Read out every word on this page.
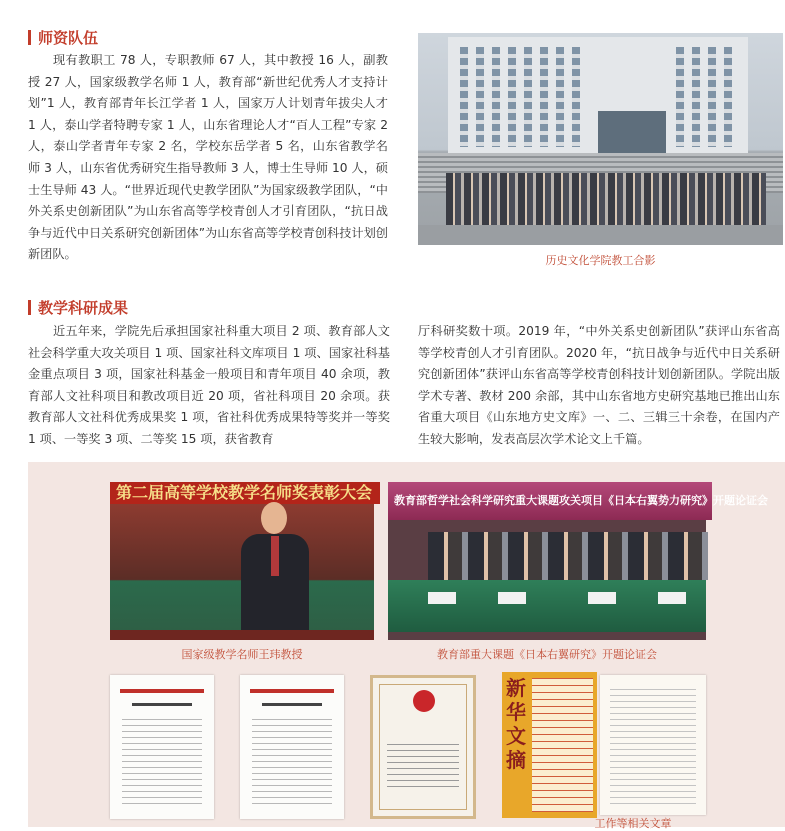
师资队伍

现有教职工 78 人，专职教师 67 人，其中教授 16 人，副教授 27 人，国家级教学名师 1 人，教育部“新世纪优秀人才支持计划”1 人，教育部青年长江学者 1 人，国家万人计划青年拔尖人才 1 人，泰山学者特聘专家 1 人，山东省理论人才“百人工程”专家 2 人，泰山学者青年专家 2 名，学校东岳学者 5 名，山东省教学名师 3 人，山东省优秀研究生指导教师 3 人，博士生导师 10 人，硕士生导师 43 人。“世界近现代史教学团队”为国家级教学团队，“中外关系史创新团队”为山东省高等学校青创人才引育团队，“抗日战争与近代中日关系研究创新团体”为山东省高等学校青创科技计划创新团队。	历史文化学院教工合影
教学科研成果

近五年来，学院先后承担国家社科重大项目 2 项、教育部人文社会科学重大攻关项目 1 项、国家社科文库项目 1 项、国家社科基金重点项目 3 项，国家社科基金一般项目和青年项目 40 余项，教育部人文社科项目和教改项目近 20 项，省社科项目 20 余项。获教育部人文社科优秀成果奖 1 项，省社科优秀成果特等奖并一等奖 1 项、一等奖 3 项、二等奖 15 项，获省教育

厅科研奖数十项。2019 年，“中外关系史创新团队”获评山东省高等学校青创人才引育团队。2020 年，“抗日战争与近代中日关系研究创新团体”获评山东省高等学校青创科技计划创新团队。学院出版学术专著、教材 200 余部，其中山东省地方史研究基地已推出山东省重大项目《山东地方史文库》一、二、三辑三十余卷，在国内产生较大影响，发表高层次学术论文上千篇。

第二届高等学校教学名师奖表彰大会
国家级教学名师王玮教授
教育部哲学社会科学研究重大课题攻关项目《日本右翼势力研究》开题论证会
教育部重大课题《日本右翼研究》开题论证会
新华文摘
工作等相关文章
